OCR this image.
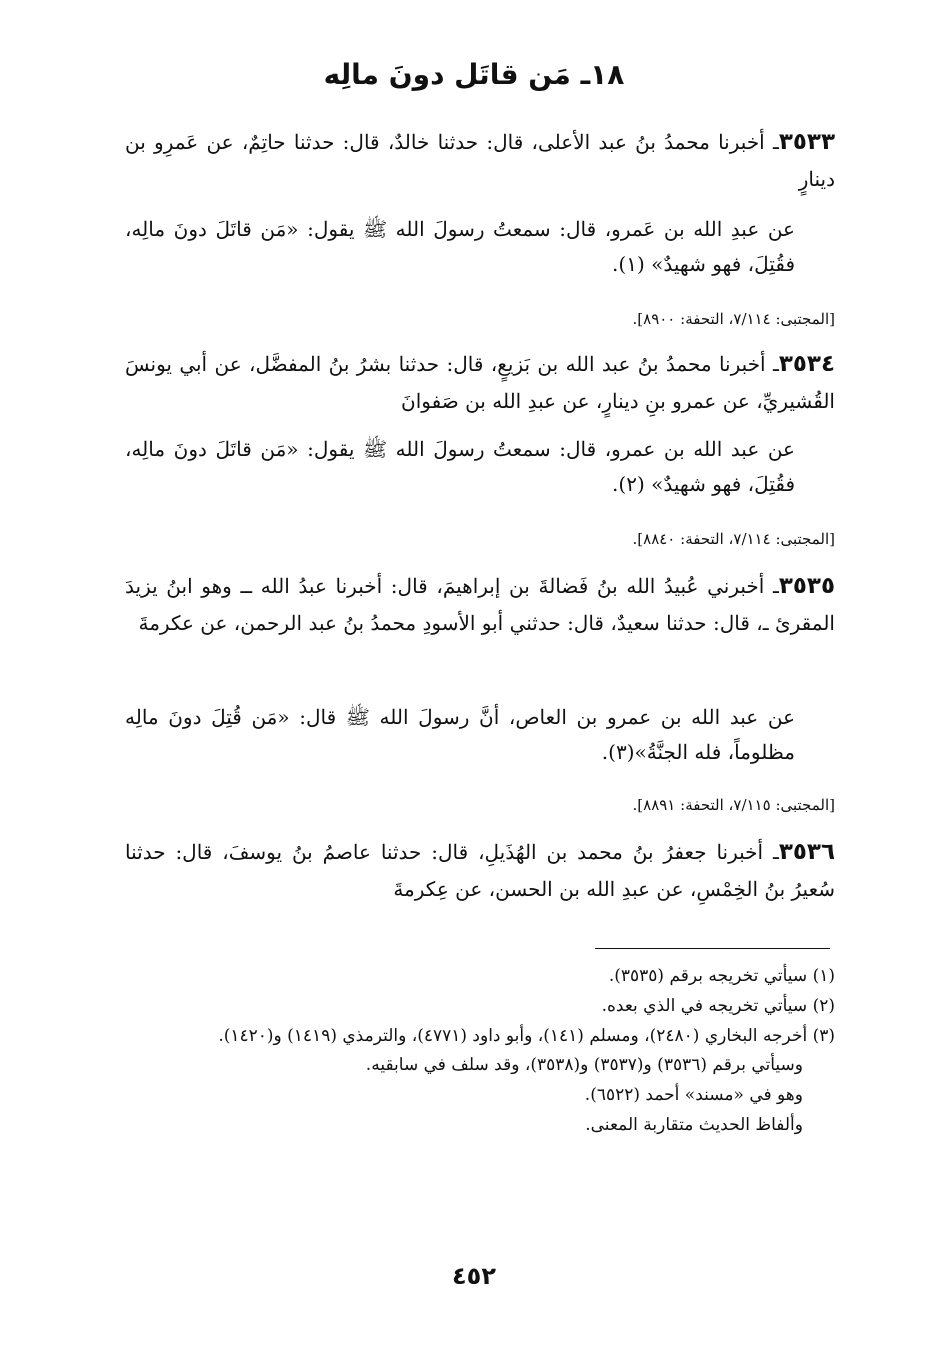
١٨ـ مَن قاتَل دونَ مالِه

٣٥٣٣ـ أخبرنا محمدُ بنُ عبد الأعلى، قال: حدثنا خالدٌ، قال: حدثنا حاتِمٌ، عن عَمرِو بن دينارٍ

عن عبدِ الله بن عَمرو، قال: سمعتُ رسولَ الله ﷺ يقول: «مَن قاتَلَ دونَ مالِه، فقُتِلَ، فهو شهيدٌ» (١).

[المجتبى: ٧/١١٤، التحفة: ٨٩٠٠].

٣٥٣٤ـ أخبرنا محمدُ بنُ عبد الله بن بَزيعٍ، قال: حدثنا بشرُ بنُ المفضَّل، عن أبي يونسَ القُشيريِّ، عن عمرو بنِ دينارٍ، عن عبدِ الله بن صَفوانَ

عن عبد الله بن عمرو، قال: سمعتُ رسولَ الله ﷺ يقول: «مَن قاتَلَ دونَ مالِه، فقُتِلَ، فهو شهيدٌ» (٢).

[المجتبى: ٧/١١٤، التحفة: ٨٨٤٠].

٣٥٣٥ـ أخبرني عُبيدُ الله بنُ فَضالةَ بن إبراهيمَ، قال: أخبرنا عبدُ الله ــ وهو ابنُ يزيدَ المقرئ ـ، قال: حدثنا سعيدٌ، قال: حدثني أبو الأسودِ محمدُ بنُ عبد الرحمن، عن عكرمةَ

عن عبد الله بن عمرو بن العاص، أنَّ رسولَ الله ﷺ قال: «مَن قُتِلَ دونَ مالِه مظلوماً، فله الجنَّةُ»(٣).

[المجتبى: ٧/١١٥، التحفة: ٨٨٩١].

٣٥٣٦ـ أخبرنا جعفرُ بنُ محمد بن الهُذَيلِ، قال: حدثنا عاصمُ بنُ يوسفَ، قال: حدثنا سُعيرُ بنُ الخِمْسِ، عن عبدِ الله بن الحسن، عن عِكرمةَ

(١) سيأتي تخريجه برقم (٣٥٣٥).

(٢) سيأتي تخريجه في الذي بعده.

(٣) أخرجه البخاري (٢٤٨٠)، ومسلم (١٤١)، وأبو داود (٤٧٧١)، والترمذي (١٤١٩) و(١٤٢٠).

وسيأتي برقم (٣٥٣٦) و(٣٥٣٧) و(٣٥٣٨)، وقد سلف في سابقيه.

وهو في «مسند» أحمد (٦٥٢٢).

وألفاظ الحديث متقاربة المعنى.

٤٥٢
